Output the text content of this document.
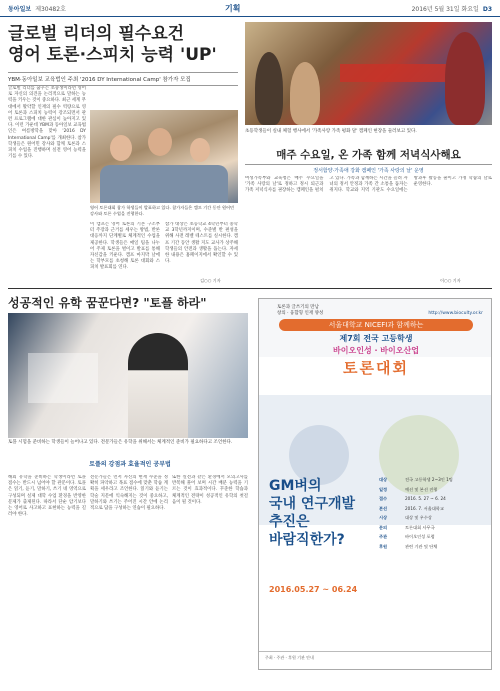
동아일보 제30482호	기획	2016년 5월 31일 화요일 D3
글로벌 리더의 필수요건
영어 토론·스피치 능력 'UP'
YBM·동아일보 교육법인 주최 '2016 DY International Camp' 참가자 모집
글로벌 리더를 꿈꾸는 초중생이라면 영어로 자신의 의견을 논리적으로 말하는 능력을 키우는 것이 중요하다. 최근 세계 무대에서 활약할 인재의 필수 역량으로 영어 토론과 스피치 능력이 강조되면서 관련 프로그램에 대한 관심이 높아지고 있다. 이런 가운데 YBM과 동아일보 교육법인은 여름방학을 맞아 '2016 DY International Camp'를 개최한다. 참가 학생들은 원어민 강사와 함께 토론과 스피치 수업을 진행하며 실전 영어 능력을 기를 수 있다.
영어 토론대회 참가 학생들이 발표하고 있다. 참가자들은 캠프 기간 동안 원어민 강사와 토론 수업을 진행한다.
이 캠프는 영어 토론의 기본 구조부터 주장과 근거를 세우는 방법, 반론 대응까지 단계별로 체계적인 수업을 제공한다. 학생들은 매일 팀을 나누어 주제 토론을 벌이고 발표를 통해 자신감을 키운다. 캠프 마지막 날에는 학부모를 초청해 토론 대회와 스피치 발표회를 연다.
참가 대상은 초등학교 4학년부터 중학교 3학년까지이며, 수준별 반 편성을 위해 사전 레벨 테스트를 실시한다. 캠프 기간 동안 생활 지도 교사가 상주해 학생들의 안전과 생활을 돕는다. 자세한 내용은 홈페이지에서 확인할 수 있다.
김○○ 기자
초등학생들이 실내 체험 행사에서 '가족사랑 가족 평화 달' 캠페인 현장을 둘러보고 있다.
매주 수요일, 온 가족 함께 저녁식사해요
정서함양·가족애 강화 캠페인 '가족 사랑의 날' 운영
여성가족부와 교육청은 매주 수요일을 '가족 사랑의 날'로 정하고 정시 퇴근과 가족 저녁식사를 권장하는 캠페인을 펼치고 있다. 가족과 함께하는 시간을 늘려 자녀의 정서 안정과 가족 간 소통을 돕자는 취지다. 학교와 지역 기관도 수요일에는 방과후 활동을 줄이고 가정 학습의 날로 운영한다.
이○○ 기자
성공적인 유학 꿈꾼다면? "토플 하라"
토플 시험을 준비하는 학생들이 늘어나고 있다. 전문가들은 유학을 위해서는 체계적인 준비가 필요하다고 조언한다.
토플의 강점과 효율적인 공부법
해외 유학을 준비하는 학생이라면 토플 점수는 반드시 넘어야 할 관문이다. 토플은 읽기, 듣기, 말하기, 쓰기 네 영역으로 구성되며 실제 대학 수업 환경을 반영한 문제가 출제된다. 따라서 단순 암기보다는 영어로 사고하고 표현하는 능력을 길러야 한다.
전문가들은 먼저 자신의 현재 수준을 정확히 파악하고 목표 점수에 맞춘 학습 계획을 세우라고 조언한다. 읽기와 듣기는 학술 지문에 익숙해지는 것이 중요하고, 말하기와 쓰기는 주어진 시간 안에 논리적으로 답을 구성하는 연습이 필요하다.
또한 실전과 같은 환경에서 모의고사를 반복해 풀어 보며 시간 배분 능력을 기르는 것이 효과적이다. 꾸준한 학습과 체계적인 전략이 성공적인 유학의 첫걸음이 될 것이다.
토론과 글쓰기의 만남
창의 · 융합형 인재 양성	http://www.bioculty.or.kr
서울대학교 NICEFI과 함께하는
제7회 전국 고등학생
바이오인성 · 바이오산업
토론대회
GM벼의
국내 연구개발
추진은
바람직한가?
2016.05.27 ~ 06.24
대상	전국 고등학생 2~3인 1팀
일정	예선 및 본선 진행
접수	2016. 5. 27 ~ 6. 24
본선	2016. 7. 서울대학교
시상	대상 및 우수상
문의	토론대회 사무국
주관	바이오인성 포럼
후원	관련 기관 및 단체
주최 · 주관 · 후원 기관 안내
